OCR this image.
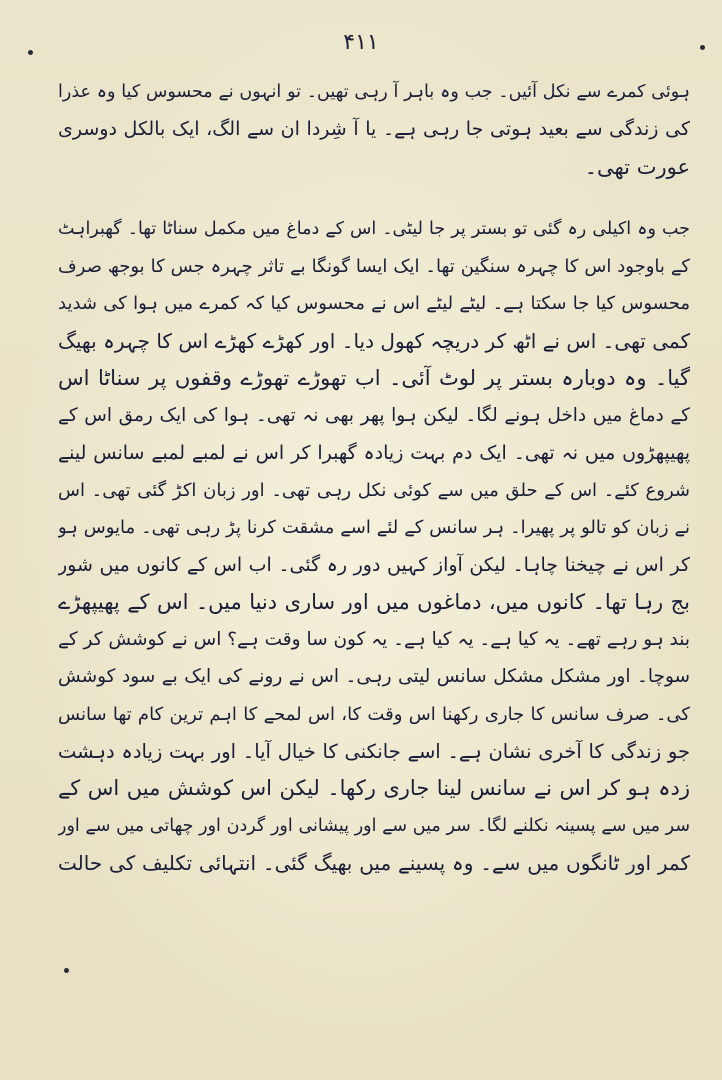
۴۱۱
ہوئی کمرے سے نکل آئیں۔ جب وہ باہر آ رہی تھیں۔ تو انہوں نے محسوس کیا وہ عذرا
کی زندگی سے بعید ہوتی جا رہی ہے۔ یا آ شِردا ان سے الگ، ایک بالکل دوسری
عورت تھی۔
جب وہ اکیلی رہ گئی تو بستر پر جا لیٹی۔ اس کے دماغ میں مکمل سناٹا تھا۔ گھبراہٹ
کے باوجود اس کا چہرہ سنگین تھا۔ ایک ایسا گونگا بے تاثر چہرہ جس کا بوجھ صرف
محسوس کیا جا سکتا ہے۔ لیٹے لیٹے اس نے محسوس کیا کہ کمرے میں ہوا کی شدید
کمی تھی۔ اس نے اٹھ کر دریچہ کھول دیا۔ اور کھڑے کھڑے اس کا چہرہ بھیگ
گیا۔ وہ دوبارہ بستر پر لوٹ آئی۔ اب تھوڑے تھوڑے وقفوں پر سناٹا اس
کے دماغ میں داخل ہونے لگا۔ لیکن ہوا پھر بھی نہ تھی۔ ہوا کی ایک رمق اس کے
پھیپھڑوں میں نہ تھی۔ ایک دم بہت زیادہ گھبرا کر اس نے لمبے لمبے سانس لینے
شروع کئے۔ اس کے حلق میں سے کوئی نکل رہی تھی۔ اور زبان اکڑ گئی تھی۔ اس
نے زبان کو تالو پر پھیرا۔ ہر سانس کے لئے اسے مشقت کرنا پڑ رہی تھی۔ مایوس ہو
کر اس نے چیخنا چاہا۔ لیکن آواز کہیں دور رہ گئی۔ اب اس کے کانوں میں شور
بج رہا تھا۔ کانوں میں، دماغوں میں اور ساری دنیا میں۔ اس کے پھیپھڑے
بند ہو رہے تھے۔ یہ کیا ہے۔ یہ کیا ہے۔ یہ کون سا وقت ہے؟ اس نے کوشش کر کے
سوچا۔ اور مشکل مشکل سانس لیتی رہی۔ اس نے رونے کی ایک بے سود کوشش
کی۔ صرف سانس کا جاری رکھنا اس وقت کا، اس لمحے کا اہم ترین کام تھا سانس
جو زندگی کا آخری نشان ہے۔ اسے جانکنی کا خیال آیا۔ اور بہت زیادہ دہشت
زدہ ہو کر اس نے سانس لینا جاری رکھا۔ لیکن اس کوشش میں اس کے
سر میں سے پسینہ نکلنے لگا۔ سر میں سے اور پیشانی اور گردن اور چھاتی میں سے اور
کمر اور ٹانگوں میں سے۔ وہ پسینے میں بھیگ گئی۔ انتہائی تکلیف کی حالت
